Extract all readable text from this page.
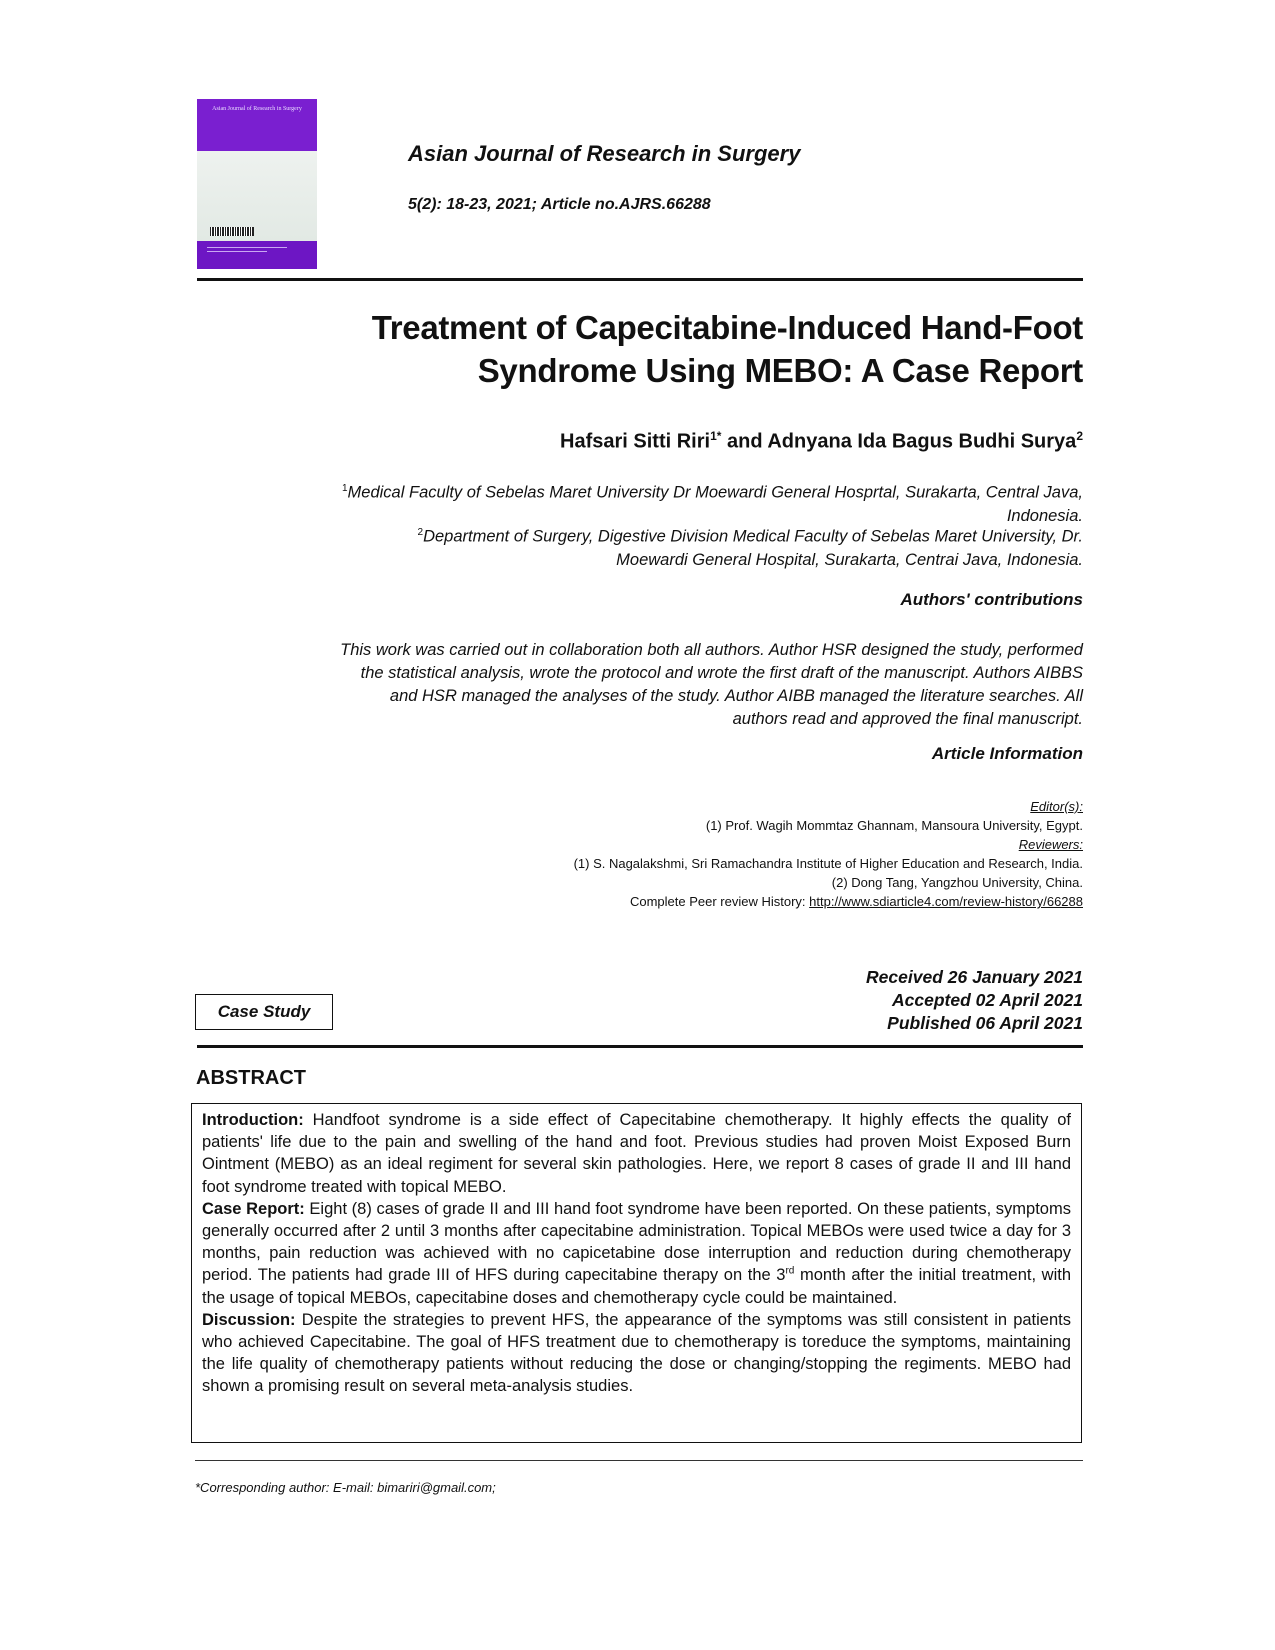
Asian Journal of Research in Surgery
Asian Journal of Research in Surgery
5(2): 18-23, 2021; Article no.AJRS.66288
Treatment of Capecitabine-Induced Hand-Foot
Syndrome Using MEBO: A Case Report
Hafsari Sitti Riri$^{1*}$ and Adnyana Ida Bagus Budhi Surya$^2$
$^1$Medical Faculty of Sebelas Maret University Dr Moewardi General Hosprtal, Surakarta, Central Java,
Indonesia.
$^2$Department of Surgery, Digestive Division Medical Faculty of Sebelas Maret University, Dr.
Moewardi General Hospital, Surakarta, Centrai Java, Indonesia.
Authors' contributions
This work was carried out in collaboration both all authors. Author HSR designed the study, performed
the statistical analysis, wrote the protocol and wrote the first draft of the manuscript. Authors AIBBS
and HSR managed the analyses of the study. Author AIBB managed the literature searches. All
authors read and approved the final manuscript.
Article Information
Editor(s):
(1) Prof. Wagih Mommtaz Ghannam, Mansoura University, Egypt.
Reviewers:
(1) S. Nagalakshmi, Sri Ramachandra Institute of Higher Education and Research, India.
(2) Dong Tang, Yangzhou University, China.
Complete Peer review History: http://www.sdiarticle4.com/review-history/66288
Case Study
Received 26 January 2021
Accepted 02 April 2021
Published 06 April 2021
ABSTRACT

Introduction: Handfoot syndrome is a side effect of Capecitabine chemotherapy. It highly effects the quality of patients' life due to the pain and swelling of the hand and foot. Previous studies had proven Moist Exposed Burn Ointment (MEBO) as an ideal regiment for several skin pathologies. Here, we report 8 cases of grade II and III hand foot syndrome treated with topical MEBO.

Case Report: Eight (8) cases of grade II and III hand foot syndrome have been reported. On these patients, symptoms generally occurred after 2 until 3 months after capecitabine administration. Topical MEBOs were used twice a day for 3 months, pain reduction was achieved with no capicetabine dose interruption and reduction during chemotherapy period. The patients had grade III of HFS during capecitabine therapy on the 3rd month after the initial treatment, with the usage of topical MEBOs, capecitabine doses and chemotherapy cycle could be maintained.

Discussion: Despite the strategies to prevent HFS, the appearance of the symptoms was still consistent in patients who achieved Capecitabine. The goal of HFS treatment due to chemotherapy is toreduce the symptoms, maintaining the life quality of chemotherapy patients without reducing the dose or changing/stopping the regiments. MEBO had shown a promising result on several meta-analysis studies.

*Corresponding author: E-mail: bimariri@gmail.com;
